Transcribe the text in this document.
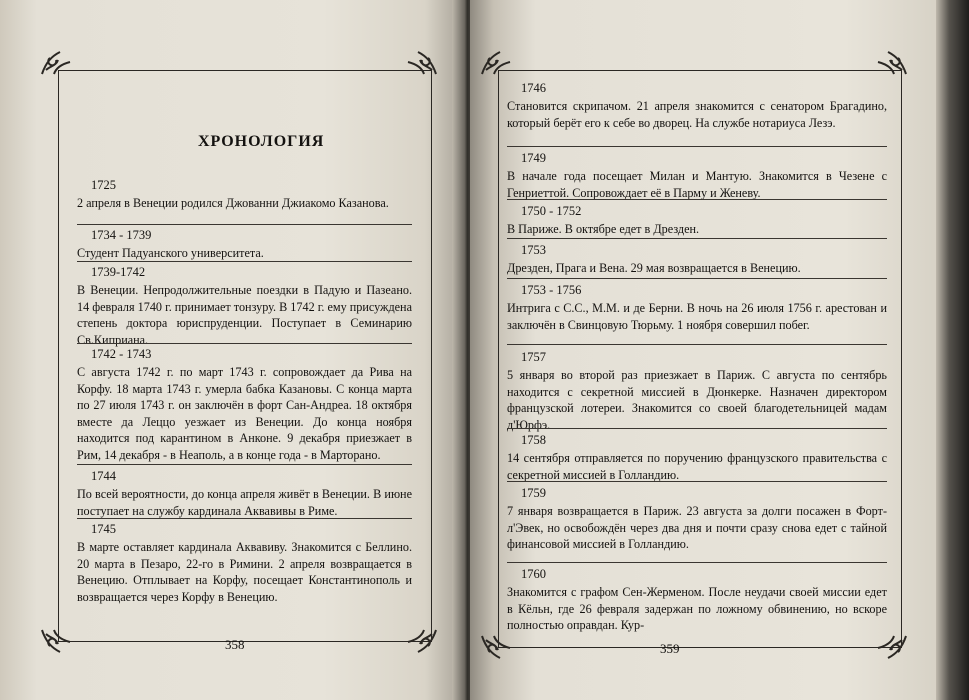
ХРОНОЛОГИЯ
1725
2 апреля в Венеции родился Джованни Джиакомо Казанова.
1734 - 1739
Студент Падуанского университета.
1739-1742
В Венеции. Непродолжительные поездки в Падую и Пазеано. 14 февраля 1740 г. принимает тонзуру. В 1742 г. ему присуждена степень доктора юриспруденции. Поступает в Семинарию Св.Киприана.
1742 - 1743
С августа 1742 г. по март 1743 г. сопровождает да Рива на Корфу. 18 марта 1743 г. умерла бабка Казановы. С конца марта по 27 июля 1743 г. он заключён в форт Сан-Андреа. 18 октября вместе да Леццо уезжает из Венеции. До конца ноября находится под карантином в Анконе. 9 декабря приезжает в Рим, 14 декабря - в Неаполь, а в конце года - в Марторано.
1744
По всей вероятности, до конца апреля живёт в Венеции. В июне поступает на службу кардинала Аквавивы в Риме.
1745
В марте оставляет кардинала Аквавиву. Знакомится с Беллино. 20 марта в Пезаро, 22-го в Римини. 2 апреля возвращается в Венецию. Отплывает на Корфу, посещает Константинополь и возвращается через Корфу в Венецию.
358
1746
Становится скрипачом. 21 апреля знакомится с сенатором Брагадино, который берёт его к себе во дворец. На службе нотариуса Лезэ.
1749
В начале года посещает Милан и Мантую. Знакомится в Чезене с Генриеттой. Сопровождает её в Парму и Женеву.
1750 - 1752
В Париже. В октябре едет в Дрезден.
1753
Дрезден, Прага и Вена. 29 мая возвращается в Венецию.
1753 - 1756
Интрига с С.С., М.М. и де Берни. В ночь на 26 июля 1756 г. арестован и заключён в Свинцовую Тюрьму. 1 ноября совершил побег.
1757
5 января во второй раз приезжает в Париж. С августа по сентябрь находится с секретной миссией в Дюнкерке. Назначен директором французской лотереи. Знакомится со своей благодетельницей мадам д'Юрфэ.
1758
14 сентября отправляется по поручению французского правительства с секретной миссией в Голландию.
1759
7 января возвращается в Париж. 23 августа за долги посажен в Форт-л'Эвек, но освобождён через два дня и почти сразу снова едет с тайной финансовой миссией в Голландию.
1760
Знакомится с графом Сен-Жерменом. После неудачи своей миссии едет в Кёльн, где 26 февраля задержан по ложному обвинению, но вскоре полностью оправдан. Кур-
359
